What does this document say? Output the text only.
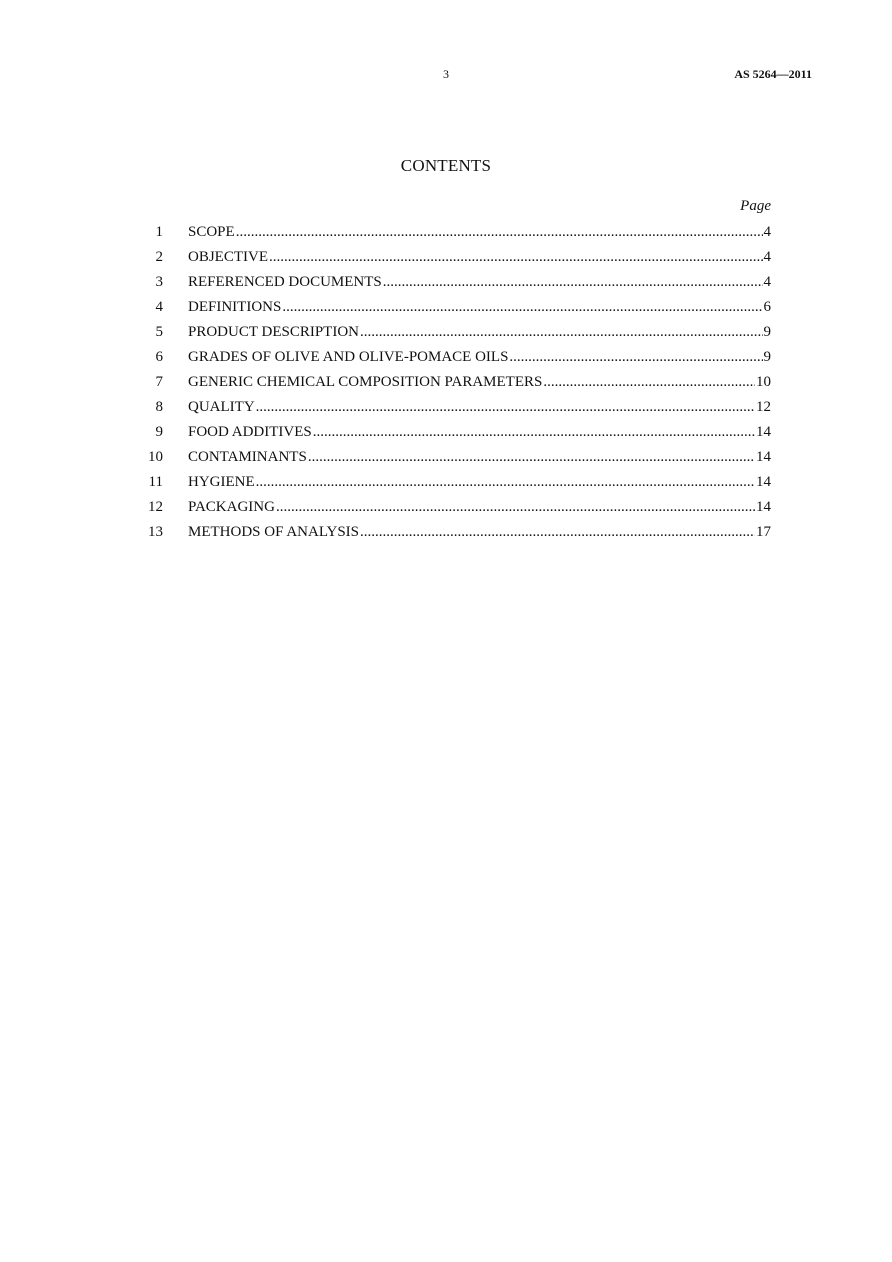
3	AS 5264—2011
CONTENTS
Page
1 SCOPE .....	4
2 OBJECTIVE .....	4
3 REFERENCED DOCUMENTS .....	4
4 DEFINITIONS .....	6
5 PRODUCT DESCRIPTION .....	9
6 GRADES OF OLIVE AND OLIVE-POMACE OILS .....	9
7 GENERIC CHEMICAL COMPOSITION PARAMETERS .....	10
8 QUALITY .....	12
9 FOOD ADDITIVES .....	14
10 CONTAMINANTS .....	14
11 HYGIENE .....	14
12 PACKAGING .....	14
13 METHODS OF ANALYSIS .....	17
